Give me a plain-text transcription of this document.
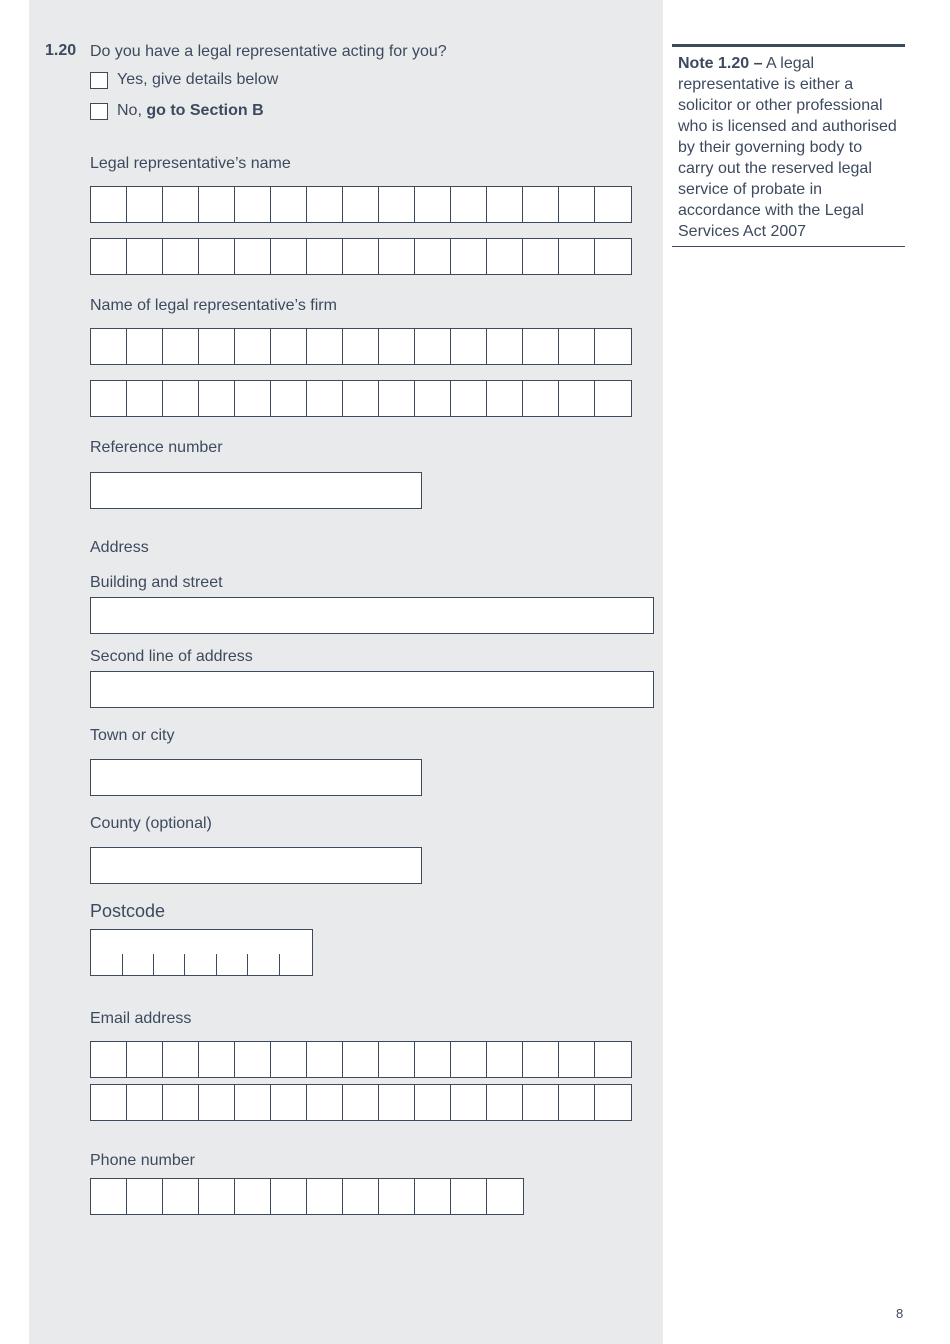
1.20 Do you have a legal representative acting for you?
Yes, give details below
No, go to Section B
Legal representative’s name
Name of legal representative’s firm
Reference number
Address
Building and street
Second line of address
Town or city
County (optional)
Postcode
Email address
Phone number
Note 1.20 – A legal representative is either a solicitor or other professional who is licensed and authorised by their governing body to carry out the reserved legal service of probate in accordance with the Legal Services Act 2007
8
